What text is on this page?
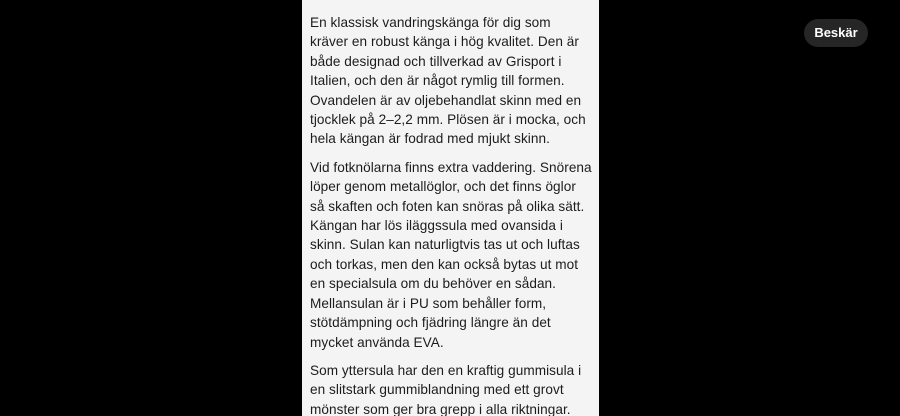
En klassisk vandringskänga för dig som kräver en robust känga i hög kvalitet. Den är både designad och tillverkad av Grisport i Italien, och den är något rymlig till formen.
Ovandelen är av oljebehandlat skinn med en tjocklek på 2–2,2 mm. Plösen är i mocka, och hela kängan är fodrad med mjukt skinn.

Vid fotknölarna finns extra vaddering. Snörena löper genom metallöglor, och det finns öglor så skaften och foten kan snöras på olika sätt.
Kängan har lös iläggssula med ovansida i skinn. Sulan kan naturligtvis tas ut och luftas och torkas, men den kan också bytas ut mot en specialsula om du behöver en sådan.
Mellansulan är i PU som behåller form, stötdämpning och fjädring längre än det mycket använda EVA.

Som yttersula har den en kraftig gummisula i en slitstark gummiblandning med ett grovt mönster som ger bra grepp i alla riktningar.

Beskär
